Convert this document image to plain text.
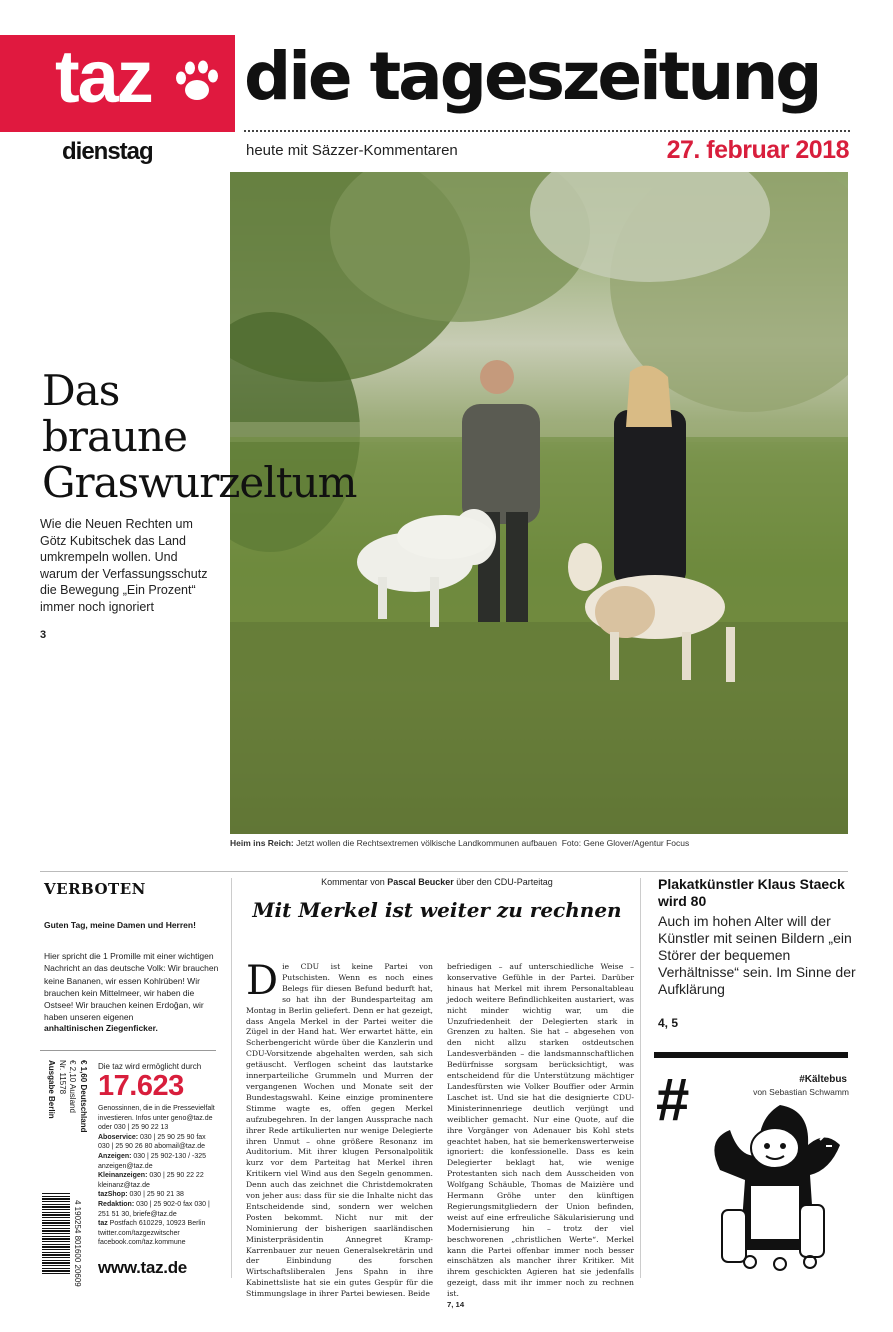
taz die tageszeitung
dienstag	heute mit Säzzer-Kommentaren	27. februar 2018
Heim ins Reich: Jetzt wollen die Rechtsextremen völkische Landkommunen aufbauen Foto: Gene Glover/Agentur Focus
Das
braune
Graswurzeltum

Wie die Neuen Rechten um Götz Kubitschek das Land umkrempeln wollen. Und warum der Verfassungsschutz die Bewegung „Ein Prozent“ immer noch ignoriert

3
VERBOTEN
Guten Tag, meine Damen und Herren!

Hier spricht die 1 Promille mit einer wichtigen Nachricht an das deutsche Volk: Wir brauchen keine Bananen, wir essen Kohlrüben! Wir brauchen kein Mittelmeer, wir haben die Ostsee! Wir brauchen keinen Erdoğan, wir haben unseren eigenen

anhaltinischen Ziegenficker.
€ 1,60 Deutschland
€ 2,10 Ausland
Nr. 11578
Ausgabe Berlin
4 190254 801600 20609
Die taz wird ermöglicht durch
17.623
Genossinnen, die in die Pressevielfalt investieren. Infos unter geno@taz.de oder 030 | 25 90 22 13
Aboservice: 030 | 25 90 25 90 fax 030 | 25 90 26 80 abomail@taz.de
Anzeigen: 030 | 25 902-130 / -325 anzeigen@taz.de
Kleinanzeigen: 030 | 25 90 22 22 kleinanz@taz.de
tazShop: 030 | 25 90 21 38
Redaktion: 030 | 25 902-0 fax 030 | 251 51 30, briefe@taz.de
taz Postfach 610229, 10923 Berlin twitter.com/tazgezwitscher facebook.com/taz.kommune
www.taz.de
Kommentar von Pascal Beucker über den CDU-Parteitag
Mit Merkel ist weiter zu rechnen

Die CDU ist keine Partei von Putschisten. Wenn es noch eines Belegs für diesen Befund bedurft hat, so hat ihn der Bundesparteitag am Montag in Berlin geliefert. Denn er hat gezeigt, dass Angela Merkel in der Partei weiter die Zügel in der Hand hat. Wer erwartet hätte, ein Scherbengericht würde über die Kanzlerin und CDU-Vorsitzende abgehalten werden, sah sich getäuscht. Verflogen scheint das lautstarke innerparteiliche Grummeln und Murren der vergangenen Wochen und Monate seit der Bundestagswahl. Keine einzige prominentere Stimme wagte es, offen gegen Merkel aufzubegehren. In der langen Aussprache nach ihrer Rede artikulierten nur wenige Delegierte ihren Unmut – ohne größere Resonanz im Auditorium. Mit ihrer klugen Personalpolitik kurz vor dem Parteitag hat Merkel ihren Kritikern viel Wind aus den Segeln genommen. Denn auch das zeichnet die Christdemokraten von jeher aus: dass für sie die Inhalte nicht das Entscheidende sind, sondern wer welchen Posten bekommt. Nicht nur mit der Nominierung der bisherigen saarländischen Ministerpräsidentin Annegret Kramp-Karrenbauer zur neuen Generalsekretärin und der Einbindung des forschen Wirtschaftsliberalen Jens Spahn in ihre Kabinettsliste hat sie ein gutes Gespür für die Stimmungslage in ihrer Partei bewiesen. Beide

befriedigen – auf unterschiedliche Weise – konservative Gefühle in der Partei. Darüber hinaus hat Merkel mit ihrem Personaltableau jedoch weitere Befindlichkeiten austariert, was nicht minder wichtig war, um die Unzufriedenheit der Delegierten stark in Grenzen zu halten. Sie hat – abgesehen von den nicht allzu starken ostdeutschen Landesverbänden – die landsmannschaftlichen Bedürfnisse sorgsam berücksichtigt, was entscheidend für die Unterstützung mächtiger Landesfürsten wie Volker Bouffier oder Armin Laschet ist. Und sie hat die designierte CDU-Ministerinnenriege deutlich verjüngt und weiblicher gemacht. Nur eine Quote, auf die ihre Vorgänger von Adenauer bis Kohl stets geachtet haben, hat sie bemerkenswerterweise ignoriert: die konfessionelle. Dass es kein Delegierter beklagt hat, wie wenige Protestanten sich nach dem Ausscheiden von Wolfgang Schäuble, Thomas de Maizière und Hermann Gröhe unter den künftigen Regierungsmitgliedern der Union befinden, weist auf eine erfreuliche Säkularisierung und Modernisierung hin – trotz der viel beschworenen „christlichen Werte“. Merkel kann die Partei offenbar immer noch besser einschätzen als mancher ihrer Kritiker. Mit ihrem geschickten Agieren hat sie jedenfalls gezeigt, dass mit ihr immer noch zu rechnen ist.
7, 14

Plakatkünstler Klaus Staeck wird 80

Auch im hohen Alter will der Künstler mit seinen Bildern „ein Störer der bequemen Verhältnisse“ sein. Im Sinne der Aufklärung

4, 5
#	#Kältebus
von Sebastian Schwamm
